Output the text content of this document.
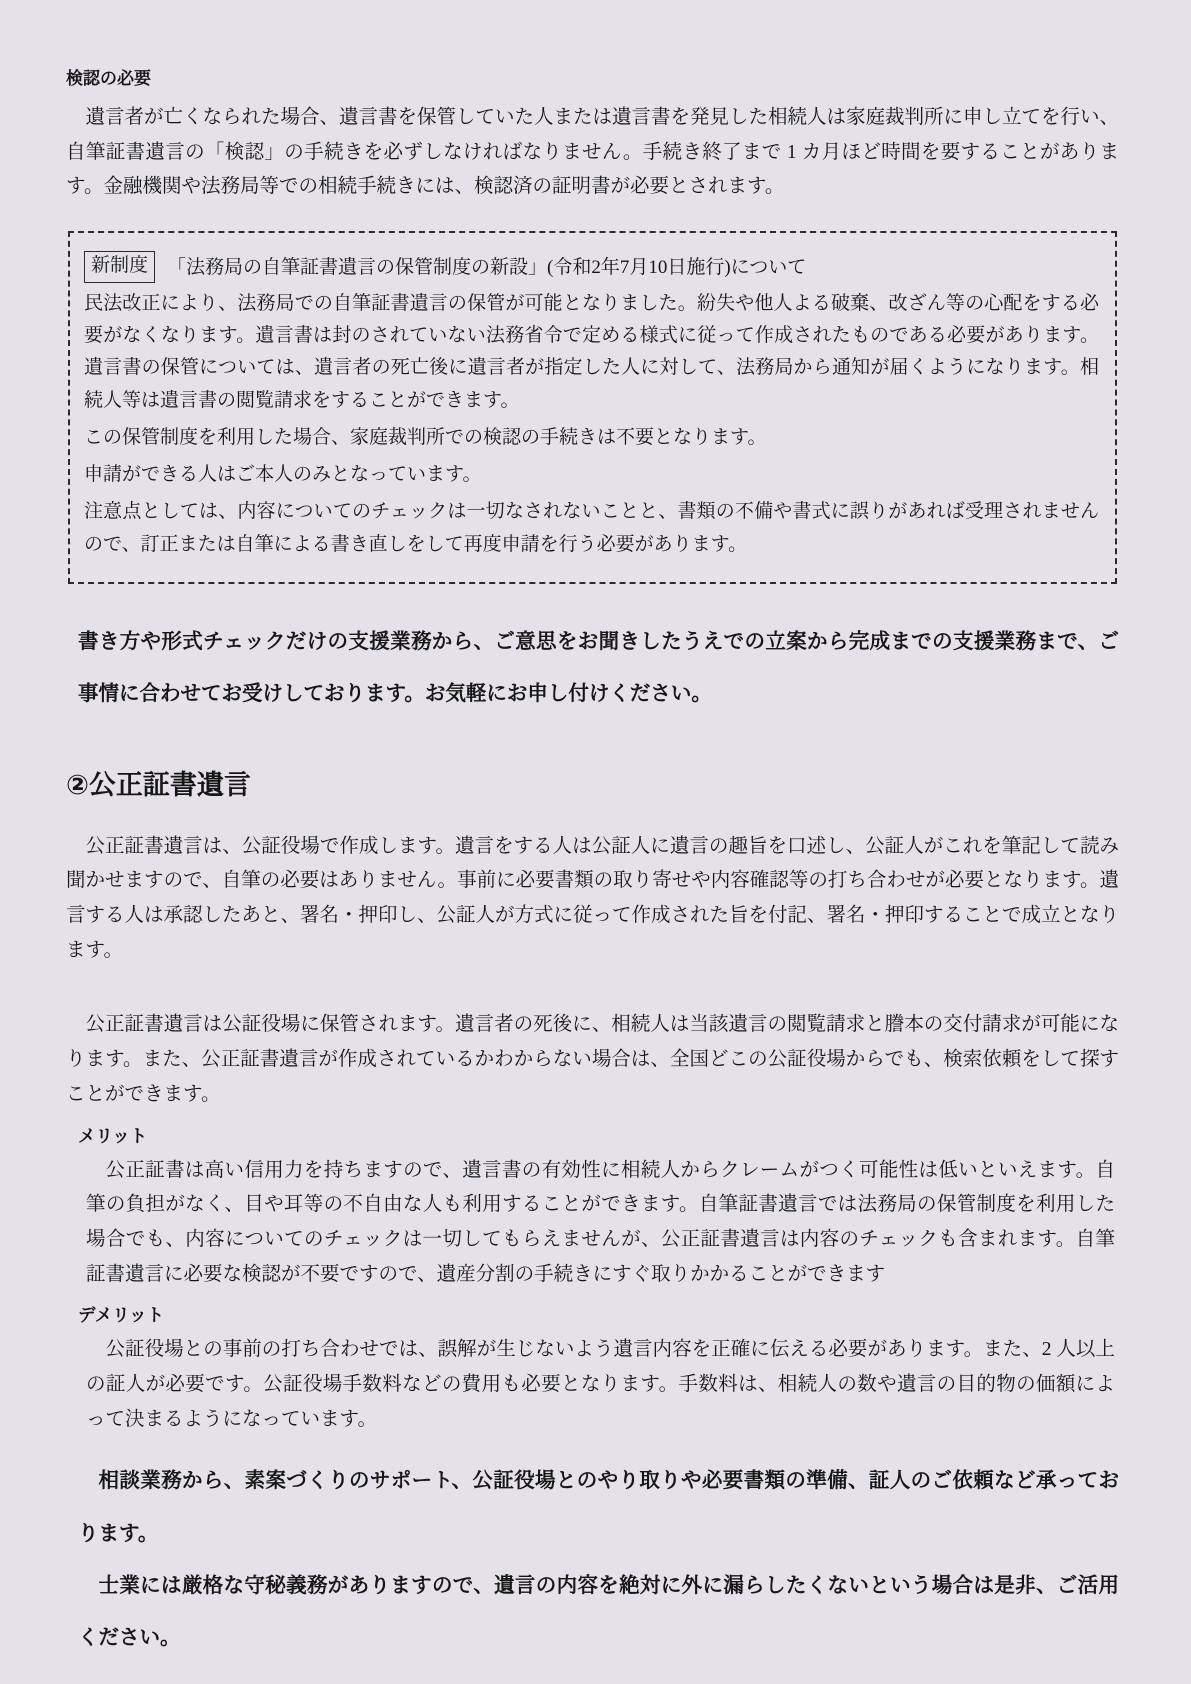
検認の必要

遺言者が亡くなられた場合、遺言書を保管していた人または遺言書を発見した相続人は家庭裁判所に申し立てを行い、自筆証書遺言の「検認」の手続きを必ずしなければなりません。手続き終了まで 1 カ月ほど時間を要することがあります。金融機関や法務局等での相続手続きには、検認済の証明書が必要とされます。

新制度	「法務局の自筆証書遺言の保管制度の新設」(令和2年7月10日施行)について

民法改正により、法務局での自筆証書遺言の保管が可能となりました。紛失や他人よる破棄、改ざん等の心配をする必要がなくなります。遺言書は封のされていない法務省令で定める様式に従って作成されたものである必要があります。遺言書の保管については、遺言者の死亡後に遺言者が指定した人に対して、法務局から通知が届くようになります。相続人等は遺言書の閲覧請求をすることができます。

この保管制度を利用した場合、家庭裁判所での検認の手続きは不要となります。

申請ができる人はご本人のみとなっています。

注意点としては、内容についてのチェックは一切なされないことと、書類の不備や書式に誤りがあれば受理されませんので、訂正または自筆による書き直しをして再度申請を行う必要があります。

書き方や形式チェックだけの支援業務から、ご意思をお聞きしたうえでの立案から完成までの支援業務まで、ご事情に合わせてお受けしております。お気軽にお申し付けください。

②公正証書遺言

公正証書遺言は、公証役場で作成します。遺言をする人は公証人に遺言の趣旨を口述し、公証人がこれを筆記して読み聞かせますので、自筆の必要はありません。事前に必要書類の取り寄せや内容確認等の打ち合わせが必要となります。遺言する人は承認したあと、署名・押印し、公証人が方式に従って作成された旨を付記、署名・押印することで成立となります。

公正証書遺言は公証役場に保管されます。遺言者の死後に、相続人は当該遺言の閲覧請求と謄本の交付請求が可能になります。また、公正証書遺言が作成されているかわからない場合は、全国どこの公証役場からでも、検索依頼をして探すことができます。

メリット

公正証書は高い信用力を持ちますので、遺言書の有効性に相続人からクレームがつく可能性は低いといえます。自筆の負担がなく、目や耳等の不自由な人も利用することができます。自筆証書遺言では法務局の保管制度を利用した場合でも、内容についてのチェックは一切してもらえませんが、公正証書遺言は内容のチェックも含まれます。自筆証書遺言に必要な検認が不要ですので、遺産分割の手続きにすぐ取りかかることができます

デメリット

公証役場との事前の打ち合わせでは、誤解が生じないよう遺言内容を正確に伝える必要があります。また、2 人以上の証人が必要です。公証役場手数料などの費用も必要となります。手数料は、相続人の数や遺言の目的物の価額によって決まるようになっています。

相談業務から、素案づくりのサポート、公証役場とのやり取りや必要書類の準備、証人のご依頼など承っております。

士業には厳格な守秘義務がありますので、遺言の内容を絶対に外に漏らしたくないという場合は是非、ご活用ください。
